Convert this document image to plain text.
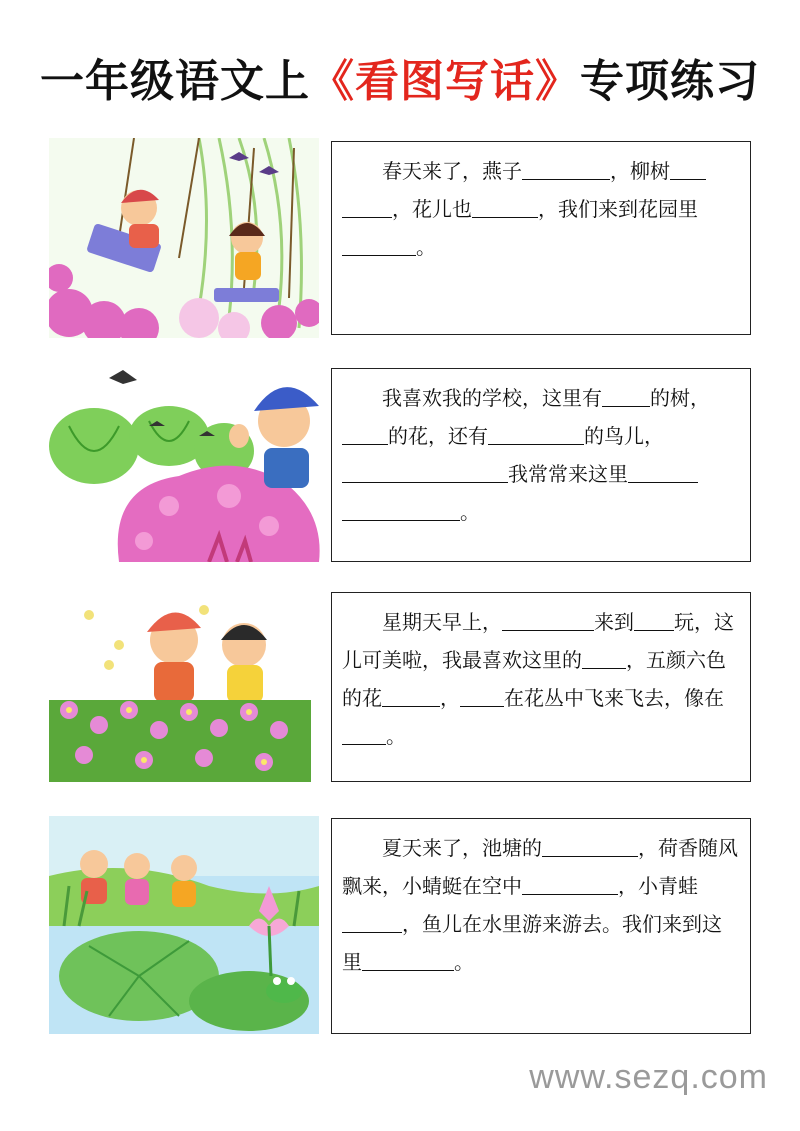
一年级语文上《看图写话》专项练习

春天来了，燕子	，柳树，花儿也	，我们来到花园里。

我喜欢我的学校，这里有 的树，的花，还有	的鸟儿，我常常来这里。

星期天早上，	来到 玩，这儿可美啦，我最喜欢这里的 ，五颜六色的花	， 在花丛中飞来飞去，像在。

夏天来了，池塘的	，荷香随风飘来，小蜻蜓在空中	，小青蛙，鱼儿在水里游来游去。我们来到这里	。

www.sezq.com
